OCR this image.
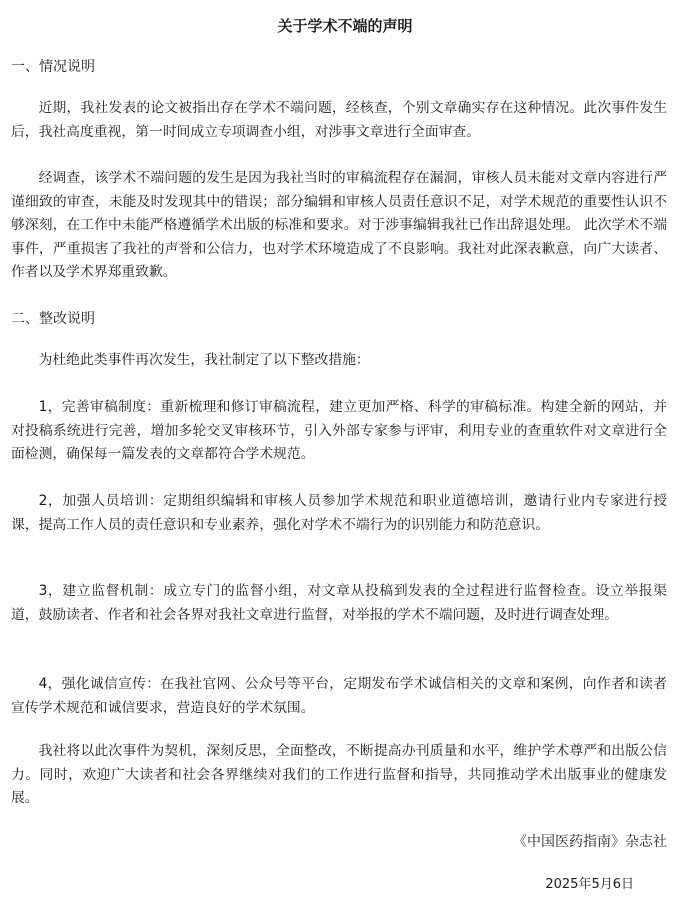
关于学术不端的声明

一、情况说明

近期，我社发表的论文被指出存在学术不端问题，经核查，个别文章确实存在这种情况。此次事件发生后，我社高度重视，第一时间成立专项调查小组，对涉事文章进行全面审查。

经调查，该学术不端问题的发生是因为我社当时的审稿流程存在漏洞，审核人员未能对文章内容进行严谨细致的审查，未能及时发现其中的错误；部分编辑和审核人员责任意识不足，对学术规范的重要性认识不够深刻，在工作中未能严格遵循学术出版的标准和要求。对于涉事编辑我社已作出辞退处理。 此次学术不端事件，严重损害了我社的声誉和公信力，也对学术环境造成了不良影响。我社对此深表歉意，向广大读者、作者以及学术界郑重致歉。

二、整改说明

为杜绝此类事件再次发生，我社制定了以下整改措施：

1，完善审稿制度：重新梳理和修订审稿流程，建立更加严格、科学的审稿标准。构建全新的网站，并对投稿系统进行完善，增加多轮交叉审核环节，引入外部专家参与评审，利用专业的查重软件对文章进行全面检测，确保每一篇发表的文章都符合学术规范。

2，加强人员培训：定期组织编辑和审核人员参加学术规范和职业道德培训，邀请行业内专家进行授课，提高工作人员的责任意识和专业素养，强化对学术不端行为的识别能力和防范意识。

3，建立监督机制：成立专门的监督小组，对文章从投稿到发表的全过程进行监督检查。设立举报渠道，鼓励读者、作者和社会各界对我社文章进行监督，对举报的学术不端问题，及时进行调查处理。

4，强化诚信宣传：在我社官网、公众号等平台，定期发布学术诚信相关的文章和案例，向作者和读者宣传学术规范和诚信要求，营造良好的学术氛围。

我社将以此次事件为契机，深刻反思，全面整改，不断提高办刊质量和水平，维护学术尊严和出版公信力。同时，欢迎广大读者和社会各界继续对我们的工作进行监督和指导，共同推动学术出版事业的健康发展。

《中国医药指南》杂志社

2025年5月6日
